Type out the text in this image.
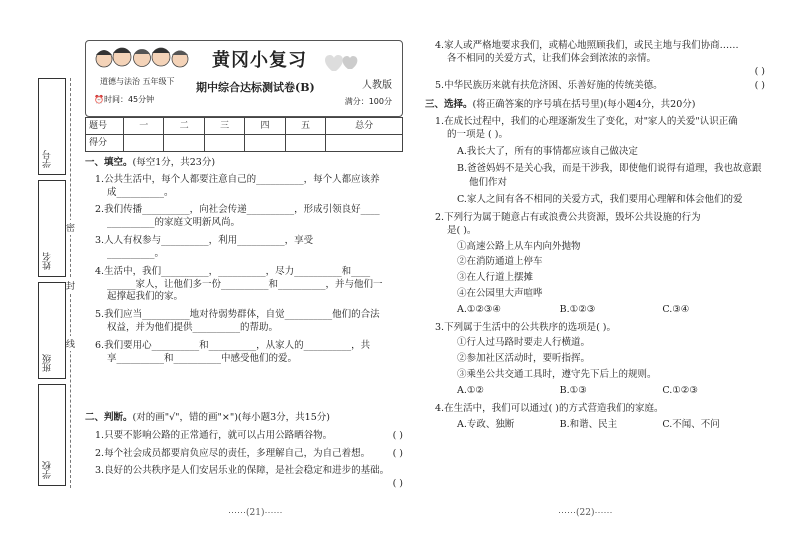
学号
姓名
班级
学校
密
封
线
道德与法治 五年级下
⏰时间：45分钟
黄冈小复习
期中综合达标测试卷(B)	人教版
满分：100分
题号	一	二	三	四	五	总分
得分						
一、填空。(每空1分，共23分)
1.公共生活中，每个人都要注意自己的__________，每个人都应该养
成__________。
2.我们传播__________，向社会传递__________，形成引领良好____
__________的家庭文明新风尚。
3.人人有权参与__________，利用__________，享受
__________。
4.生活中，我们__________，__________，尽力__________和____
______家人，让他们多一份__________和__________，并与他们一
起撑起我们的家。
5.我们应当__________地对待弱势群体，自觉__________他们的合法
权益，并为他们提供__________的帮助。
6.我们要用心__________和__________，从家人的__________，共
享__________和__________中感受他们的爱。
二、判断。(对的画"√"，错的画"×")(每小题3分，共15分)
1.只要不影响公路的正常通行，就可以占用公路晒谷物。	( )
2.每个社会成员都要肩负应尽的责任，多理解自己，为自己着想。 ( )
3.良好的公共秩序是人们安居乐业的保障，是社会稳定和进步的基础。
( )
4.家人或严格地要求我们，或精心地照顾我们，或民主地与我们协商……
各不相同的关爱方式，让我们体会到浓浓的亲情。
( )
5.中华民族历来就有扶危济困、乐善好施的传统美德。	( )
三、选择。(将正确答案的序号填在括号里)(每小题4分，共20分)
1.在成长过程中，我们的心理逐渐发生了变化，对"家人的关爱"认识正确
的一项是 ( )。
A.我长大了，所有的事情都应该自己做决定
B.爸爸妈妈不是关心我，而是干涉我，即使他们说得有道理，我也故意跟
他们作对
C.家人之间有各不相同的关爱方式，我们要用心理解和体会他们的爱
2.下列行为属于随意占有或浪费公共资源，毁坏公共设施的行为
是( )。
①高速公路上从车内向外抛物
②在消防通道上停车
③在人行道上摆摊
④在公园里大声喧哗
A.①②③④	B.①②③	C.③④
3.下列属于生活中的公共秩序的选项是( )。
①行人过马路时要走人行横道。
②参加社区活动时，要听指挥。
③乘坐公共交通工具时，遵守先下后上的规则。
A.①②	B.①③	C.①②③
4.在生活中，我们可以通过( )的方式营造我们的家庭。
A.专政、独断	B.和谐、民主	C.不闻、不问
⋯⋯(21)⋯⋯	⋯⋯(22)⋯⋯
